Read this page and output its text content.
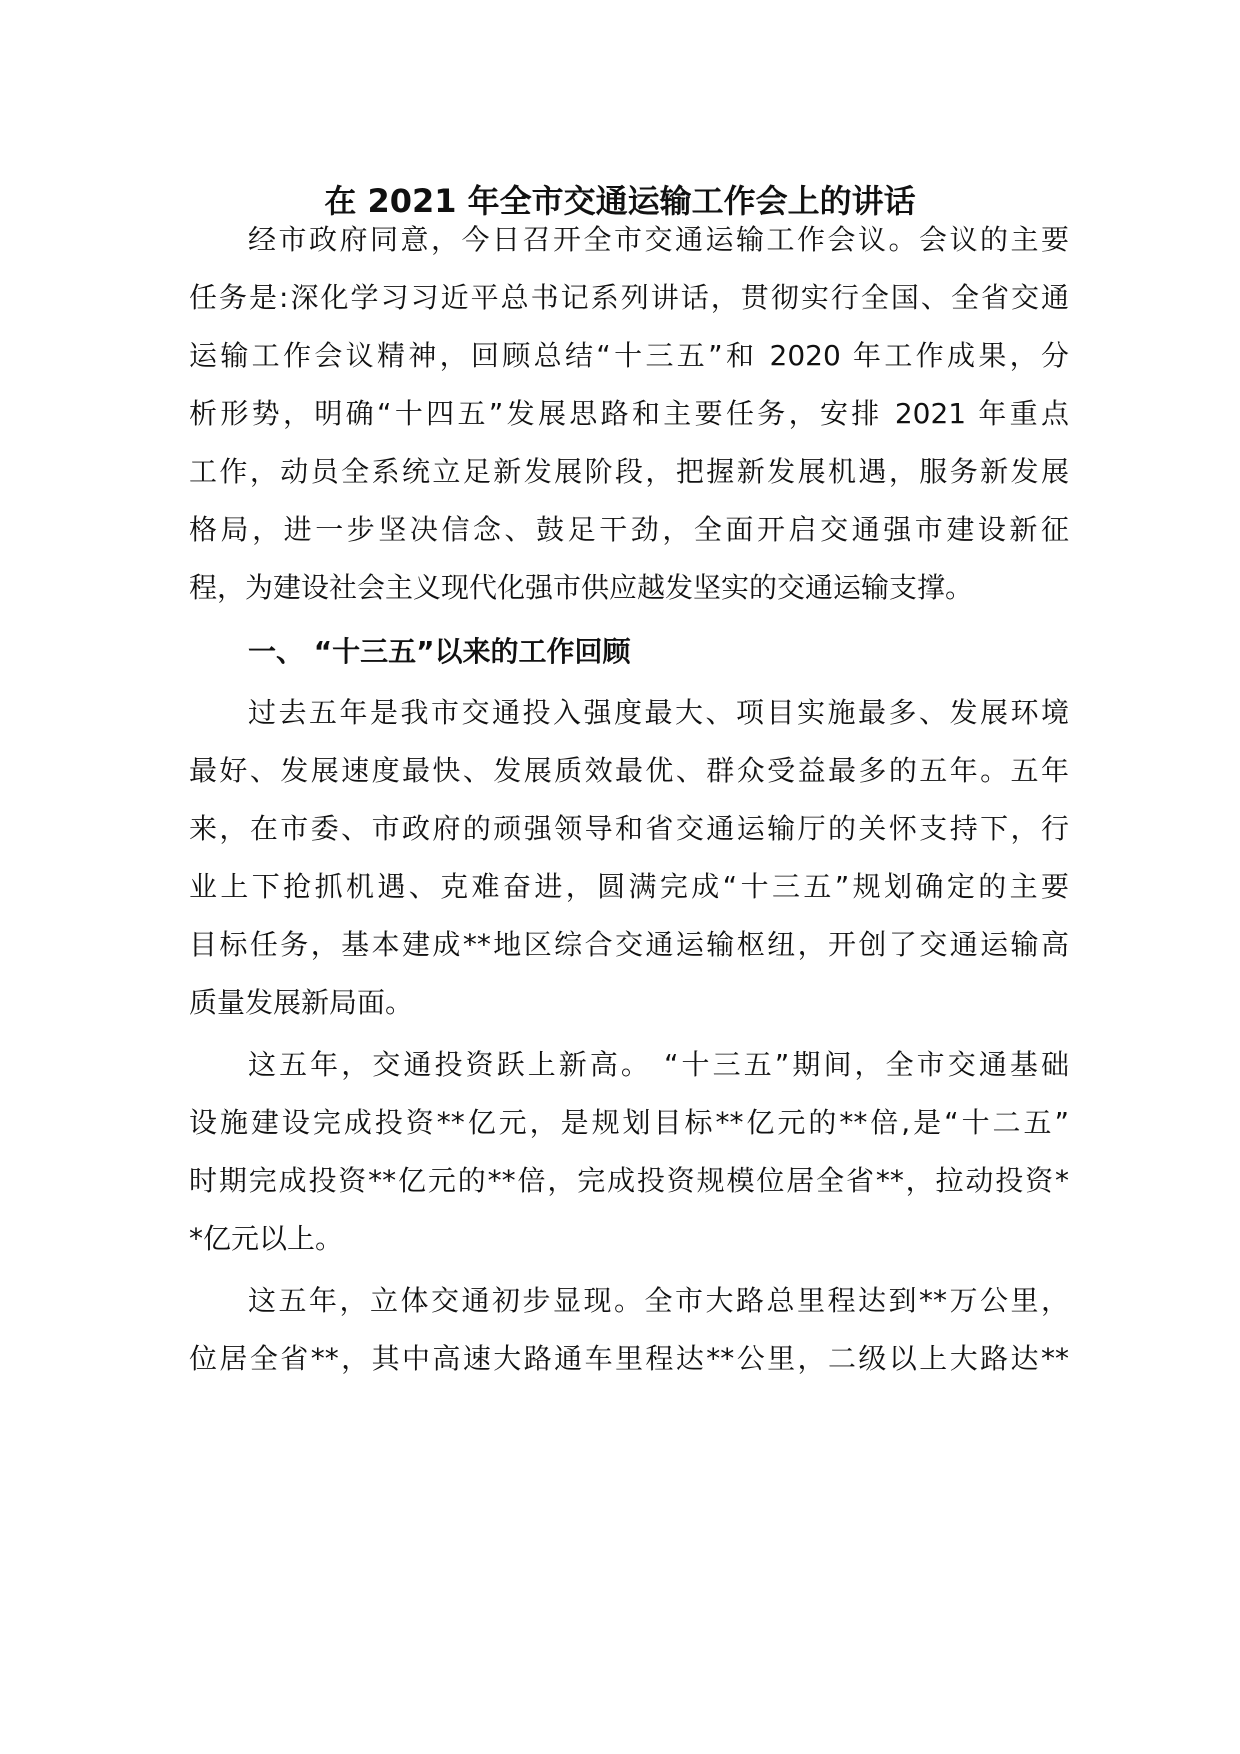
在 2021 年全市交通运输工作会上的讲话

经市政府同意，今日召开全市交通运输工作会议。会议的主要

任务是:深化学习习近平总书记系列讲话，贯彻实行全国、全省交通

运输工作会议精神，回顾总结“十三五”和 2020 年工作成果，分

析形势，明确“十四五”发展思路和主要任务，安排 2021 年重点

工作，动员全系统立足新发展阶段，把握新发展机遇，服务新发展

格局，进一步坚决信念、鼓足干劲，全面开启交通强市建设新征

程，为建设社会主义现代化强市供应越发坚实的交通运输支撑。

一、 “十三五”以来的工作回顾

过去五年是我市交通投入强度最大、项目实施最多、发展环境

最好、发展速度最快、发展质效最优、群众受益最多的五年。五年

来，在市委、市政府的顽强领导和省交通运输厅的关怀支持下，行

业上下抢抓机遇、克难奋进，圆满完成“十三五”规划确定的主要

目标任务，基本建成**地区综合交通运输枢纽，开创了交通运输高

质量发展新局面。

这五年，交通投资跃上新高。 “十三五”期间，全市交通基础

设施建设完成投资**亿元，是规划目标**亿元的**倍,是“十二五”

时期完成投资**亿元的**倍，完成投资规模位居全省**，拉动投资*

*亿元以上。

这五年，立体交通初步显现。全市大路总里程达到**万公里，

位居全省**，其中高速大路通车里程达**公里，二级以上大路达**
